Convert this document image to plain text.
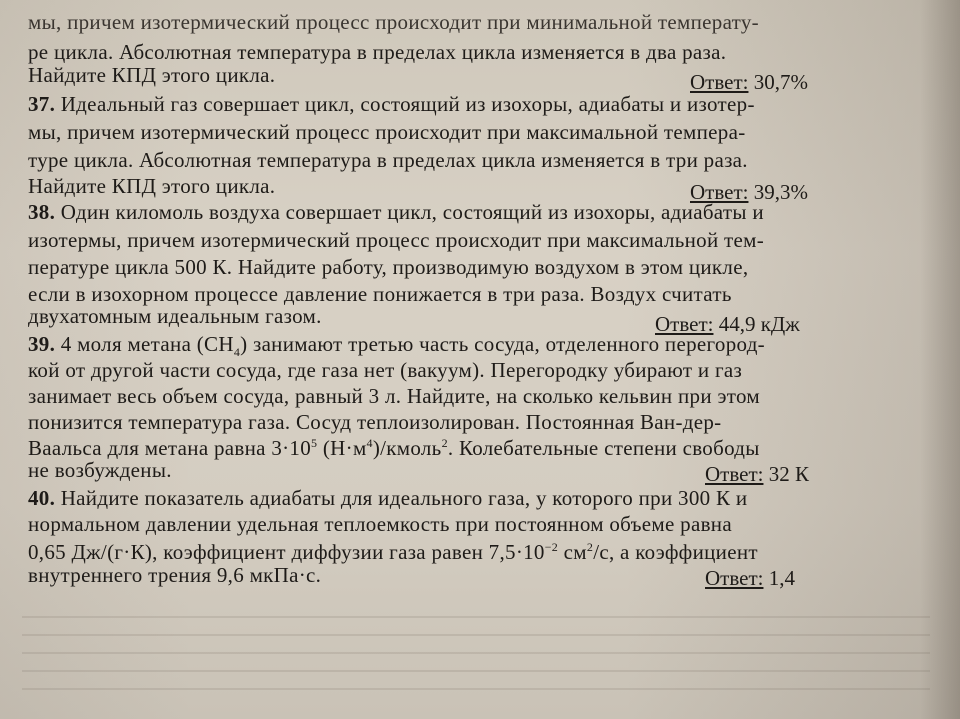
мы, причем изотермический процесс происходит при минимальной температу-
ре цикла. Абсолютная температура в пределах цикла изменяется в два раза.
Найдите КПД этого цикла.	Ответ: 30,7%
37. Идеальный газ совершает цикл, состоящий из изохоры, адиабаты и изотер-
мы, причем изотермический процесс происходит при максимальной темпера-
туре цикла. Абсолютная температура в пределах цикла изменяется в три раза.
Найдите КПД этого цикла.	Ответ: 39,3%
38. Один киломоль воздуха совершает цикл, состоящий из изохоры, адиабаты и
изотермы, причем изотермический процесс происходит при максимальной тем-
пературе цикла 500 К. Найдите работу, производимую воздухом в этом цикле,
если в изохорном процессе давление понижается в три раза. Воздух считать
двухатомным идеальным газом.	Ответ: 44,9 кДж
39. 4 моля метана $(CH_4)$ занимают третью часть сосуда, отделенного перегород-
кой от другой части сосуда, где газа нет (вакуум). Перегородку убирают и газ
занимает весь объем сосуда, равный 3 л. Найдите, на сколько кельвин при этом
понизится температура газа. Сосуд теплоизолирован. Постоянная Ван-дер-
Ваальса для метана равна $3\cdot 10^5$ $(Н\cdot м^4)/кмоль^2$. Колебательные степени свободы
не возбуждены.	Ответ: 32 К
40. Найдите показатель адиабаты для идеального газа, у которого при 300 К и
нормальном давлении удельная теплоемкость при постоянном объеме равна
0,65 Дж/(г·К), коэффициент диффузии газа равен $7,5\cdot 10^{-2}$ $см^2/с$, а коэффициент
внутреннего трения 9,6 мкПа·с.	Ответ: 1,4
